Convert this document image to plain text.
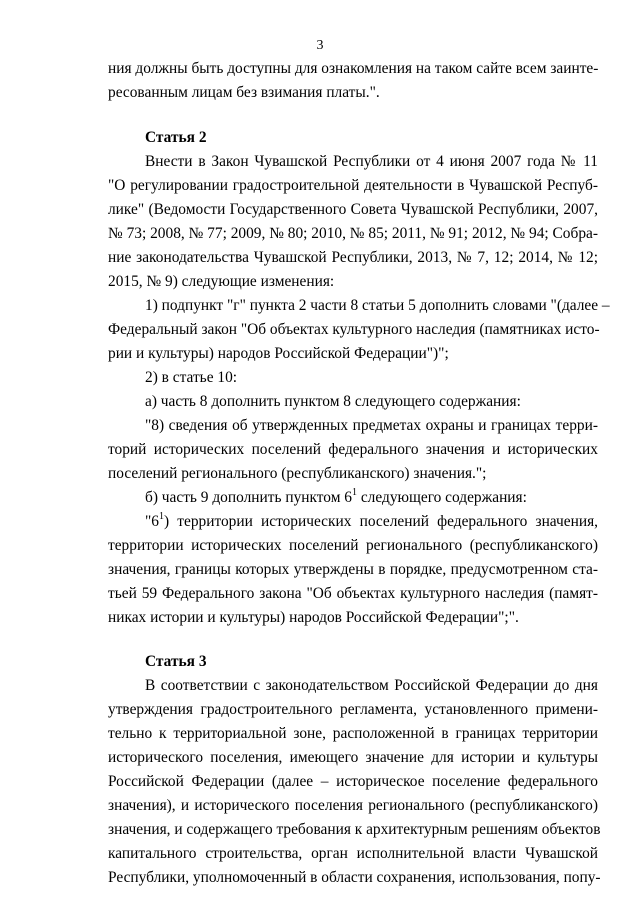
3
ния должны быть доступны для ознакомления на таком сайте всем заинте-
ресованным лицам без взимания платы.".
Статья 2
Внести в Закон Чувашской Республики от 4 июня 2007 года № 11
"О регулировании градостроительной деятельности в Чувашской Респуб-
лике" (Ведомости Государственного Совета Чувашской Республики, 2007,
№ 73; 2008, № 77; 2009, № 80; 2010, № 85; 2011, № 91; 2012, № 94; Собра-
ние законодательства Чувашской Республики, 2013, № 7, 12; 2014, № 12;
2015, № 9) следующие изменения:
1) подпункт "г" пункта 2 части 8 статьи 5 дополнить словами "(далее –
Федеральный закон "Об объектах культурного наследия (памятниках исто-
рии и культуры) народов Российской Федерации")";
2) в статье 10:
а) часть 8 дополнить пунктом 8 следующего содержания:
"8) сведения об утвержденных предметах охраны и границах терри-
торий исторических поселений федерального значения и исторических
поселений регионального (республиканского) значения.";
б) часть 9 дополнить пунктом $6^1$ следующего содержания:
"$6^1$) территории исторических поселений федерального значения,
территории исторических поселений регионального (республиканского)
значения, границы которых утверждены в порядке, предусмотренном ста-
тьей 59 Федерального закона "Об объектах культурного наследия (памят-
никах истории и культуры) народов Российской Федерации";".
Статья 3
В соответствии с законодательством Российской Федерации до дня
утверждения градостроительного регламента, установленного примени-
тельно к территориальной зоне, расположенной в границах территории
исторического поселения, имеющего значение для истории и культуры
Российской Федерации (далее – историческое поселение федерального
значения), и исторического поселения регионального (республиканского)
значения, и содержащего требования к архитектурным решениям объектов
капитального строительства, орган исполнительной власти Чувашской
Республики, уполномоченный в области сохранения, использования, попу-
